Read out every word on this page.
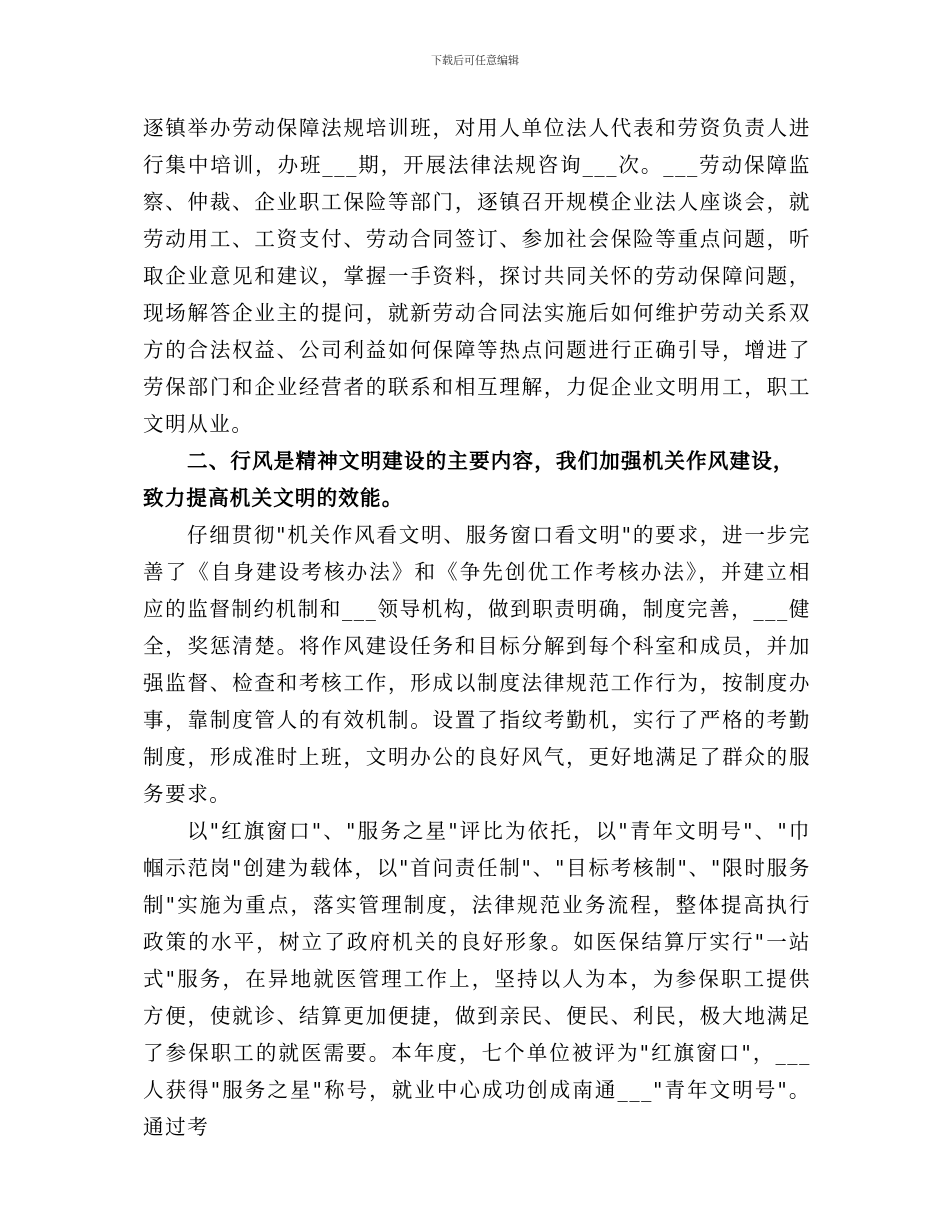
下载后可任意编辑

逐镇举办劳动保障法规培训班，对用人单位法人代表和劳资负责人进行集中培训，办班___期，开展法律法规咨询___次。___劳动保障监察、仲裁、企业职工保险等部门，逐镇召开规模企业法人座谈会，就劳动用工、工资支付、劳动合同签订、参加社会保险等重点问题，听取企业意见和建议，掌握一手资料，探讨共同关怀的劳动保障问题，现场解答企业主的提问，就新劳动合同法实施后如何维护劳动关系双方的合法权益、公司利益如何保障等热点问题进行正确引导，增进了劳保部门和企业经营者的联系和相互理解，力促企业文明用工，职工文明从业。

二、行风是精神文明建设的主要内容，我们加强机关作风建设，致力提高机关文明的效能。

仔细贯彻"机关作风看文明、服务窗口看文明"的要求，进一步完善了《自身建设考核办法》和《争先创优工作考核办法》，并建立相应的监督制约机制和___领导机构，做到职责明确，制度完善，___健全，奖惩清楚。将作风建设任务和目标分解到每个科室和成员，并加强监督、检查和考核工作，形成以制度法律规范工作行为，按制度办事，靠制度管人的有效机制。设置了指纹考勤机，实行了严格的考勤制度，形成准时上班，文明办公的良好风气，更好地满足了群众的服务要求。

以"红旗窗口"、"服务之星"评比为依托，以"青年文明号"、"巾帼示范岗"创建为载体，以"首问责任制"、"目标考核制"、"限时服务制"实施为重点，落实管理制度，法律规范业务流程，整体提高执行政策的水平，树立了政府机关的良好形象。如医保结算厅实行"一站式"服务，在异地就医管理工作上，坚持以人为本，为参保职工提供方便，使就诊、结算更加便捷，做到亲民、便民、利民，极大地满足了参保职工的就医需要。本年度，七个单位被评为"红旗窗口"，___人获得"服务之星"称号，就业中心成功创成南通___"青年文明号"。通过考
